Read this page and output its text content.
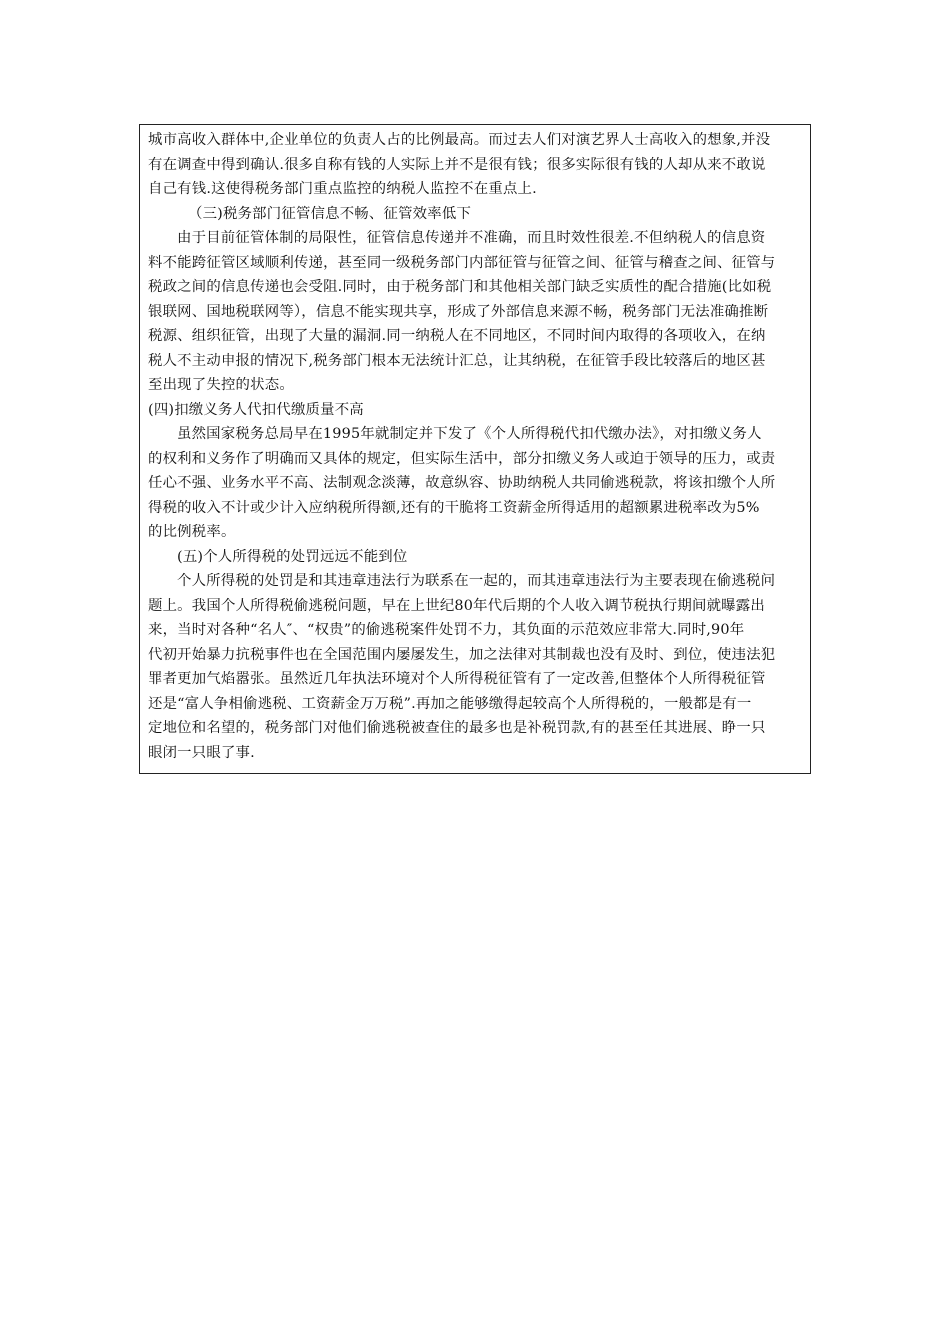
城市高收入群体中,企业单位的负责人占的比例最高。而过去人们对演艺界人士高收入的想象,并没
有在调查中得到确认.很多自称有钱的人实际上并不是很有钱；很多实际很有钱的人却从来不敢说
自己有钱.这使得税务部门重点监控的纳税人监控不在重点上.
（三)税务部门征管信息不畅、征管效率低下
由于目前征管体制的局限性，征管信息传递并不准确，而且时效性很差.不但纳税人的信息资
料不能跨征管区域顺利传递，甚至同一级税务部门内部征管与征管之间、征管与稽查之间、征管与
税政之间的信息传递也会受阻.同时，由于税务部门和其他相关部门缺乏实质性的配合措施(比如税
银联网、国地税联网等），信息不能实现共享，形成了外部信息来源不畅，税务部门无法准确推断
税源、组织征管，出现了大量的漏洞.同一纳税人在不同地区，不同时间内取得的各项收入，在纳
税人不主动申报的情况下,税务部门根本无法统计汇总，让其纳税，在征管手段比较落后的地区甚
至出现了失控的状态。
(四)扣缴义务人代扣代缴质量不高
虽然国家税务总局早在1995年就制定并下发了《个人所得税代扣代缴办法》，对扣缴义务人
的权利和义务作了明确而又具体的规定，但实际生活中，部分扣缴义务人或迫于领导的压力，或责
任心不强、业务水平不高、法制观念淡薄，故意纵容、协助纳税人共同偷逃税款，将该扣缴个人所
得税的收入不计或少计入应纳税所得额,还有的干脆将工资薪金所得适用的超额累进税率改为5%
的比例税率。
(五)个人所得税的处罚远远不能到位
个人所得税的处罚是和其违章违法行为联系在一起的，而其违章违法行为主要表现在偷逃税问
题上。我国个人所得税偷逃税问题，早在上世纪80年代后期的个人收入调节税执行期间就曝露出
来，当时对各种“名人″、“权贵”的偷逃税案件处罚不力，其负面的示范效应非常大.同时,90年
代初开始暴力抗税事件也在全国范围内屡屡发生，加之法律对其制裁也没有及时、到位，使违法犯
罪者更加气焰嚣张。虽然近几年执法环境对个人所得税征管有了一定改善,但整体个人所得税征管
还是“富人争相偷逃税、工资薪金万万税”.再加之能够缴得起较高个人所得税的，一般都是有一
定地位和名望的，税务部门对他们偷逃税被查住的最多也是补税罚款,有的甚至任其进展、睁一只
眼闭一只眼了事.
